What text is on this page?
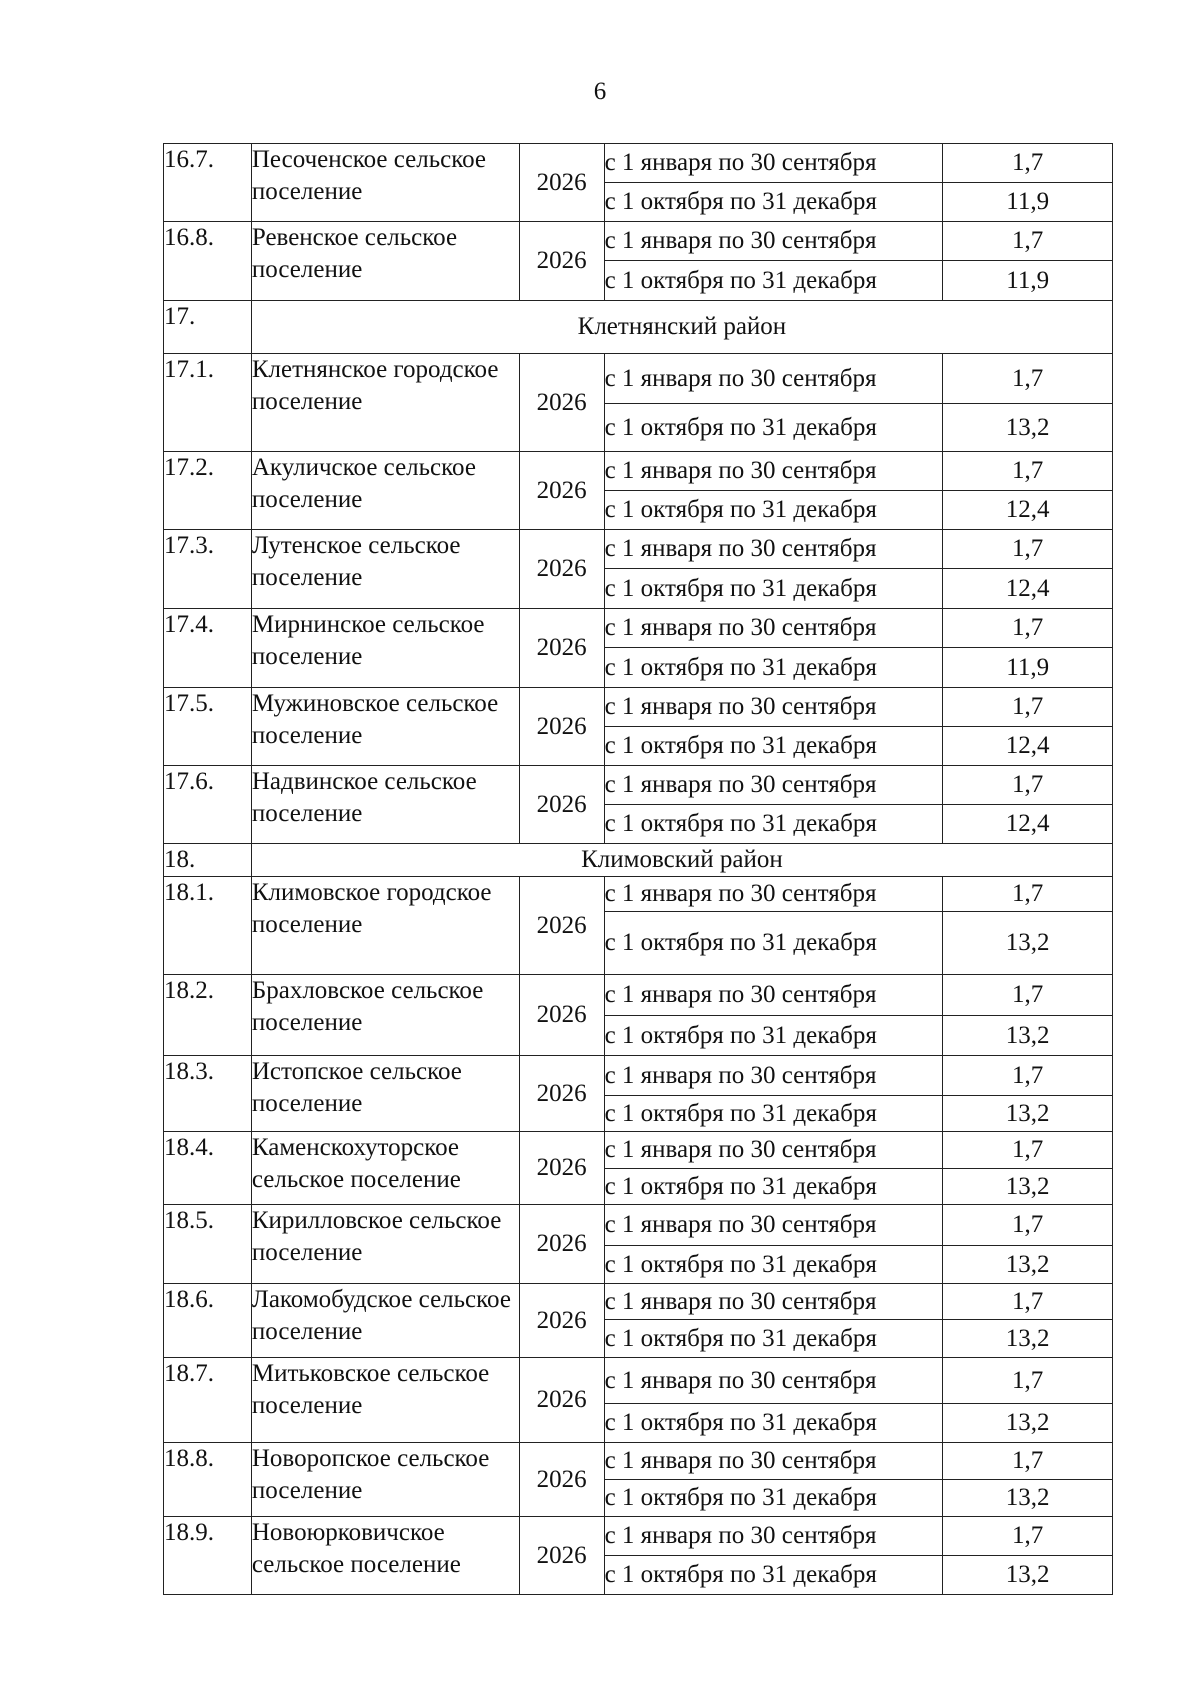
6
16.7.	Песоченское сельское поселение	2026	с 1 января по 30 сентября	1,7
			с 1 октября по 31 декабря	11,9
16.8.	Ревенское сельское поселение	2026	с 1 января по 30 сентября	1,7
			с 1 октября по 31 декабря	11,9
17.	Клетнянский район			
17.1.	Клетнянское городское поселение	2026	с 1 января по 30 сентября	1,7
			с 1 октября по 31 декабря	13,2
17.2.	Акуличское сельское поселение	2026	с 1 января по 30 сентября	1,7
			с 1 октября по 31 декабря	12,4
17.3.	Лутенское сельское поселение	2026	с 1 января по 30 сентября	1,7
			с 1 октября по 31 декабря	12,4
17.4.	Мирнинское сельское поселение	2026	с 1 января по 30 сентября	1,7
			с 1 октября по 31 декабря	11,9
17.5.	Мужиновское сельское поселение	2026	с 1 января по 30 сентября	1,7
			с 1 октября по 31 декабря	12,4
17.6.	Надвинское сельское поселение	2026	с 1 января по 30 сентября	1,7
			с 1 октября по 31 декабря	12,4
18.	Климовский район			
18.1.	Климовское городское поселение	2026	с 1 января по 30 сентября	1,7
			с 1 октября по 31 декабря	13,2
18.2.	Брахловское сельское поселение	2026	с 1 января по 30 сентября	1,7
			с 1 октября по 31 декабря	13,2
18.3.	Истопское сельское поселение	2026	с 1 января по 30 сентября	1,7
			с 1 октября по 31 декабря	13,2
18.4.	Каменскохуторское сельское поселение	2026	с 1 января по 30 сентября	1,7
			с 1 октября по 31 декабря	13,2
18.5.	Кирилловское сельское поселение	2026	с 1 января по 30 сентября	1,7
			с 1 октября по 31 декабря	13,2
18.6.	Лакомобудское сельское поселение	2026	с 1 января по 30 сентября	1,7
			с 1 октября по 31 декабря	13,2
18.7.	Митьковское сельское поселение	2026	с 1 января по 30 сентября	1,7
			с 1 октября по 31 декабря	13,2
18.8.	Новоропское сельское поселение	2026	с 1 января по 30 сентября	1,7
			с 1 октября по 31 декабря	13,2
18.9.	Новоюрковичское сельское поселение	2026	с 1 января по 30 сентября	1,7
			с 1 октября по 31 декабря	13,2
